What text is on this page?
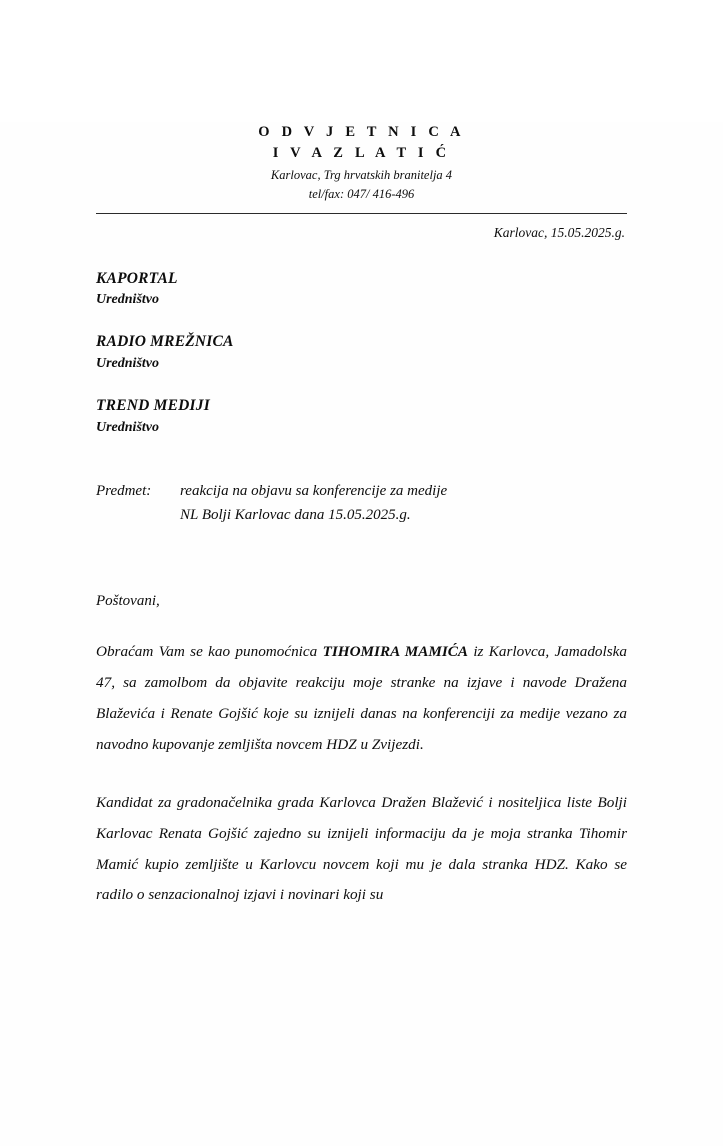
O D V J E T N I C A
I V A Z L A T I Ć
Karlovac, Trg hrvatskih branitelja 4
tel/fax: 047/ 416-496
Karlovac, 15.05.2025.g.
KAPORTAL
Uredništvo
RADIO MREŽNICA
Uredništvo
TREND MEDIJI
Uredništvo
Predmet:	reakcija na objavu sa konferencije za medije
NL Bolji Karlovac dana 15.05.2025.g.
Poštovani,

Obraćam Vam se kao punomoćnica TIHOMIRA MAMIĆA iz Karlovca, Jamadolska 47, sa zamolbom da objavite reakciju moje stranke na izjave i navode Dražena Blaževića i Renate Gojšić koje su iznijeli danas na konferenciji za medije vezano za navodno kupovanje zemljišta novcem HDZ u Zvijezdi.

Kandidat za gradonačelnika grada Karlovca Dražen Blažević i nositeljica liste Bolji Karlovac Renata Gojšić zajedno su iznijeli informaciju da je moja stranka Tihomir Mamić kupio zemljište u Karlovcu novcem koji mu je dala stranka HDZ. Kako se radilo o senzacionalnoj izjavi i novinari koji su
